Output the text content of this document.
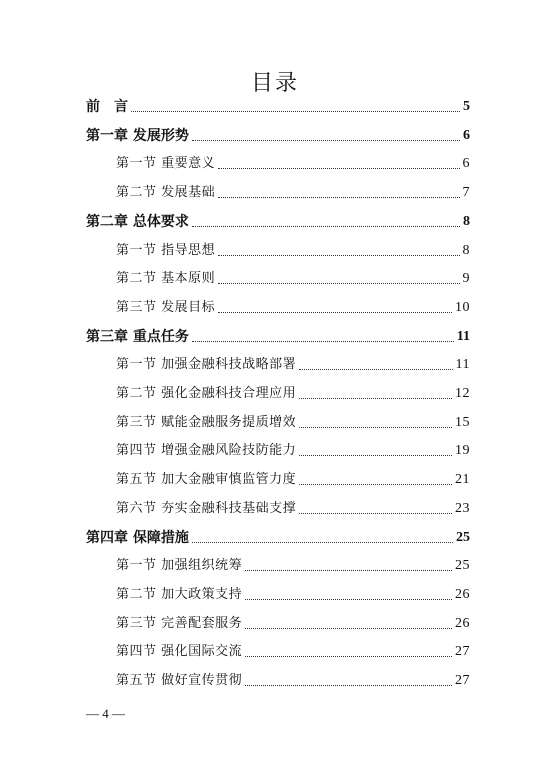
目录
前　言	5
第一章 发展形势	6
第一节 重要意义	6
第二节 发展基础	7
第二章 总体要求	8
第一节 指导思想	8
第二节 基本原则	9
第三节 发展目标	10
第三章 重点任务	11
第一节 加强金融科技战略部署	11
第二节 强化金融科技合理应用	12
第三节 赋能金融服务提质增效	15
第四节 增强金融风险技防能力	19
第五节 加大金融审慎监管力度	21
第六节 夯实金融科技基础支撑	23
第四章 保障措施	25
第一节 加强组织统筹	25
第二节 加大政策支持	26
第三节 完善配套服务	26
第四节 强化国际交流	27
第五节 做好宣传贯彻	27
— 4 —
